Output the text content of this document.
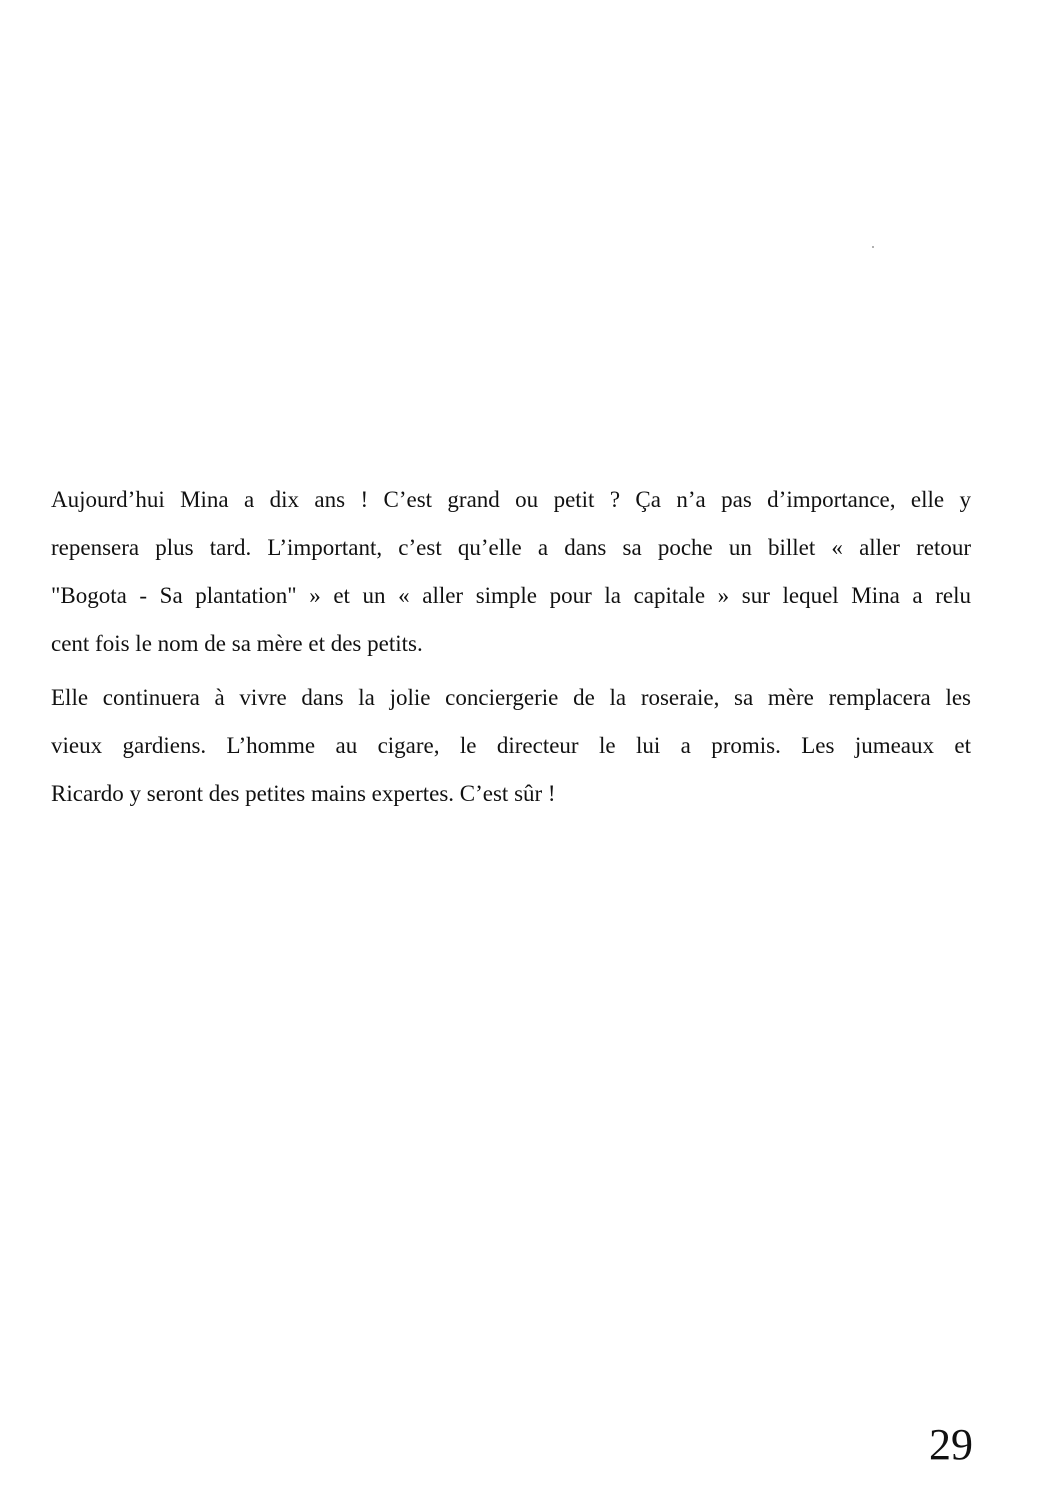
Aujourd’hui Mina a dix ans ! C’est grand ou petit ? Ça n’a pas d’importance, elle y
repensera plus tard. L’important, c’est qu’elle a dans sa poche un billet « aller retour
"Bogota - Sa plantation" » et un « aller simple pour la capitale » sur lequel Mina a relu
cent fois le nom de sa mère et des petits.

Elle continuera à vivre dans la jolie conciergerie de la roseraie, sa mère remplacera les
vieux gardiens. L’homme au cigare, le directeur le lui a promis. Les jumeaux et
Ricardo y seront des petites mains expertes. C’est sûr !

29
